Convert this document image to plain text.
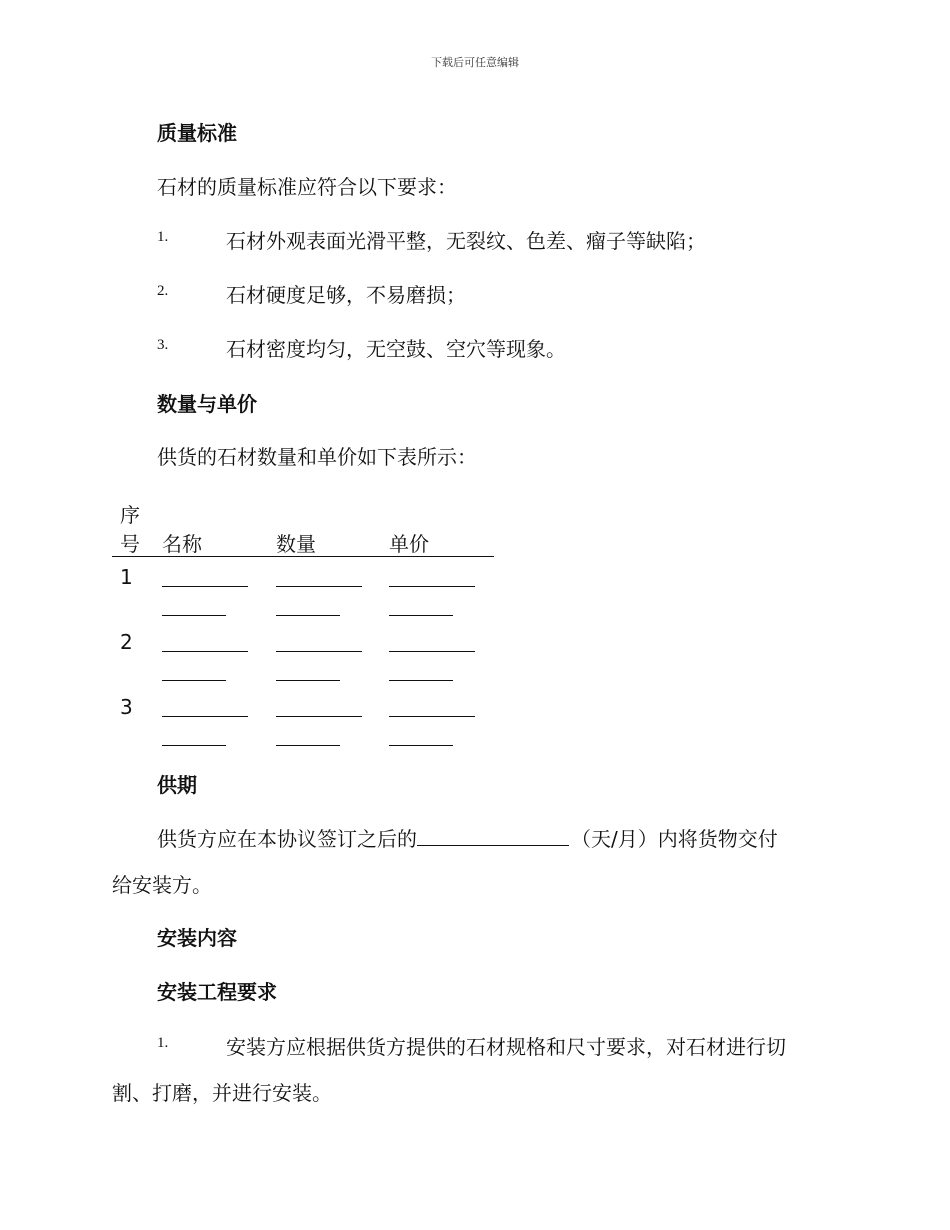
下载后可任意编辑
质量标准
石材的质量标准应符合以下要求：
1.	石材外观表面光滑平整，无裂纹、色差、瘤子等缺陷；
2.	石材硬度足够，不易磨损；
3.	石材密度均匀，无空鼓、空穴等现象。
数量与单价
供货的石材数量和单价如下表所示：
序
号 名称	数量	单价
1
2
3
供期
供货方应在本协议签订之后的	（天/月）内将货物交付
给安装方。
安装内容
安装工程要求
1.	安装方应根据供货方提供的石材规格和尺寸要求，对石材进行切
割、打磨，并进行安装。
